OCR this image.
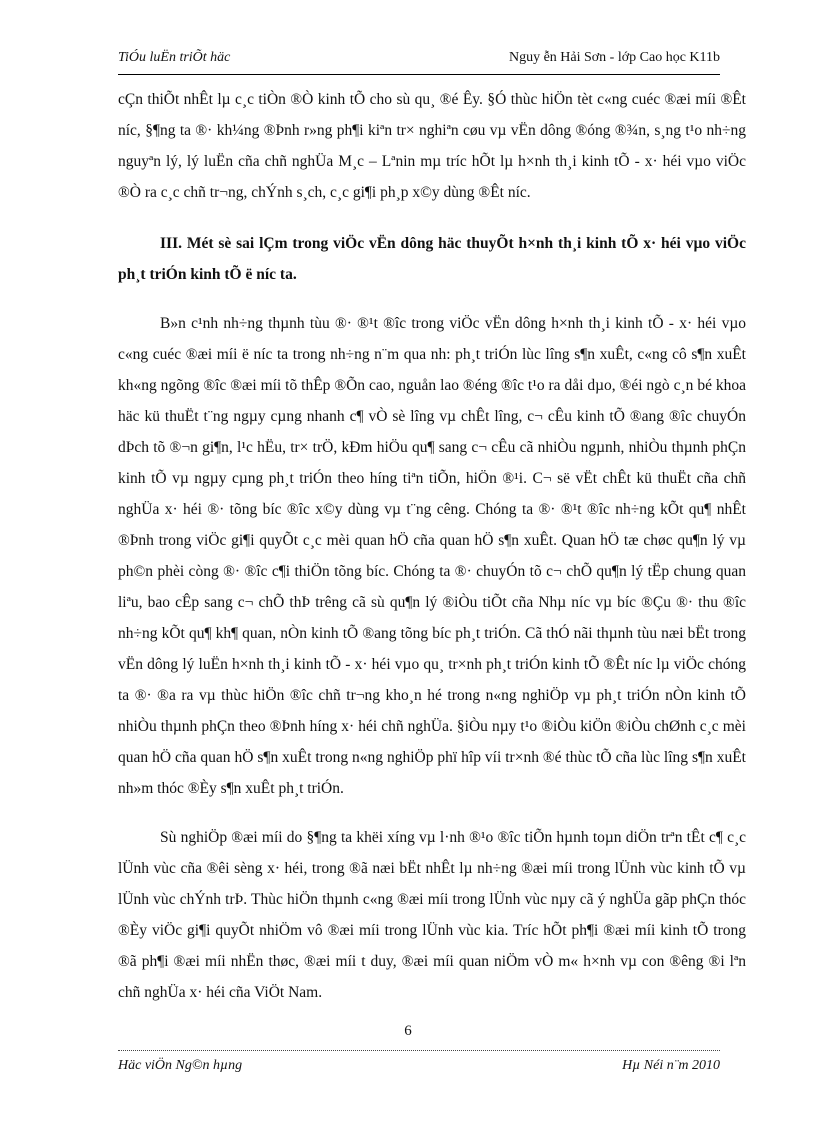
TiÓu luËn triÕt häc	Nguy ễn Hải Sơn - lớp Cao học K11b

cÇn thiÕt nhÊt lµ c¸c tiÒn ®Ò kinh tÕ cho sù qu¸ ®é Êy. §Ó thùc hiÖn tèt c«ng cuéc ®æi míi ®Êt níc, §¶ng ta ®· kh¼ng ®Þnh r»ng ph¶i kiªn tr× nghiªn cøu vµ vËn dông ®óng ®¾n, s¸ng t¹o nh÷ng nguyªn lý, lý luËn cña chñ nghÜa M¸c – Lªnin mµ tríc hÕt lµ h×nh th¸i kinh tÕ - x· héi vµo viÖc ®Ò ra c¸c chñ tr¬ng, chÝnh s¸ch, c¸c gi¶i ph¸p x©y dùng ®Êt níc.

III. Mét sè sai lÇm trong viÖc vËn dông häc thuyÕt h×nh th¸i kinh tÕ x· héi vµo viÖc ph¸t triÓn kinh tÕ ë níc ta.

B»n c¹nh nh÷ng thµnh tùu ®· ®¹t ®îc trong viÖc vËn dông h×nh th¸i kinh tÕ - x· héi vµo c«ng cuéc ®æi míi ë níc ta trong nh÷ng n¨m qua nh: ph¸t triÓn lùc lîng s¶n xuÊt, c«ng cô s¶n xuÊt kh«ng ngõng ®îc ®æi míi tõ thÊp ®Õn cao, nguån lao ®éng ®îc t¹o ra dåi dµo, ®éi ngò c¸n bé khoa häc kü thuËt t¨ng ngµy cµng nhanh c¶ vÒ sè lîng vµ chÊt lîng, c¬ cÊu kinh tÕ ®ang ®îc chuyÓn dÞch tõ ®¬n gi¶n, l¹c hËu, tr× trÖ, kÐm hiÖu qu¶ sang c¬ cÊu cã nhiÒu ngµnh, nhiÒu thµnh phÇn kinh tÕ vµ ngµy cµng ph¸t triÓn theo híng tiªn tiÕn, hiÖn ®¹i. C¬ së vËt chÊt kü thuËt cña chñ nghÜa x· héi ®· tõng bíc ®îc x©y dùng vµ t¨ng cêng. Chóng ta ®· ®¹t ®îc nh÷ng kÕt qu¶ nhÊt ®Þnh trong viÖc gi¶i quyÕt c¸c mèi quan hÖ cña quan hÖ s¶n xuÊt. Quan hÖ tæ chøc qu¶n lý vµ ph©n phèi còng ®· ®îc c¶i thiÖn tõng bíc. Chóng ta ®· chuyÓn tõ c¬ chÕ qu¶n lý tËp chung quan liªu, bao cÊp sang c¬ chÕ thÞ trêng cã sù qu¶n lý ®iÒu tiÕt cña Nhµ níc vµ bíc ®Çu ®· thu ®îc nh÷ng kÕt qu¶ kh¶ quan, nÒn kinh tÕ ®ang tõng bíc ph¸t triÓn. Cã thÓ nãi thµnh tùu næi bËt trong vËn dông lý luËn h×nh th¸i kinh tÕ - x· héi vµo qu¸ tr×nh ph¸t triÓn kinh tÕ ®Êt níc lµ viÖc chóng ta ®· ®a ra vµ thùc hiÖn ®îc chñ tr¬ng kho¸n hé trong n«ng nghiÖp vµ ph¸t triÓn nÒn kinh tÕ nhiÒu thµnh phÇn theo ®Þnh híng x· héi chñ nghÜa. §iÒu nµy t¹o ®iÒu kiÖn ®iÒu chØnh c¸c mèi quan hÖ cña quan hÖ s¶n xuÊt trong n«ng nghiÖp phï hîp víi tr×nh ®é thùc tÕ cña lùc lîng s¶n xuÊt nh»m thóc ®Èy s¶n xuÊt ph¸t triÓn.

Sù nghiÖp ®æi míi do §¶ng ta khëi xíng vµ l·nh ®¹o ®îc tiÕn hµnh toµn diÖn trªn tÊt c¶ c¸c lÜnh vùc cña ®êi sèng x· héi, trong ®ã næi bËt nhÊt lµ nh÷ng ®æi míi trong lÜnh vùc kinh tÕ vµ lÜnh vùc chÝnh trÞ. Thùc hiÖn thµnh c«ng ®æi míi trong lÜnh vùc nµy cã ý nghÜa gãp phÇn thóc ®Èy viÖc gi¶i quyÕt nhiÖm vô ®æi míi trong lÜnh vùc kia. Tríc hÕt ph¶i ®æi míi kinh tÕ trong ®ã ph¶i ®æi míi nhËn thøc, ®æi míi t duy, ®æi míi quan niÖm vÒ m« h×nh vµ con ®êng ®i lªn chñ nghÜa x· héi cña ViÖt Nam.

6
Häc viÖn Ng©n hµng	Hµ Néi n¨m 2010
